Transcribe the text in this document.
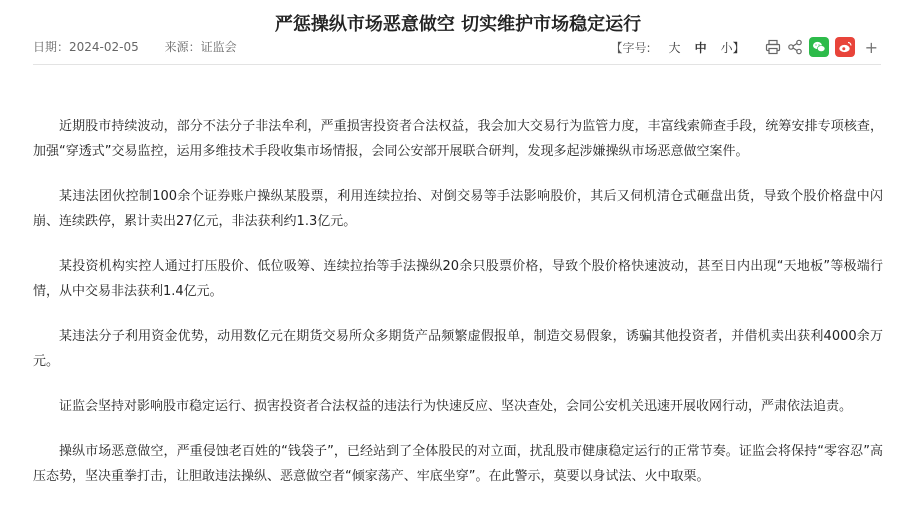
严惩操纵市场恶意做空 切实维护市场稳定运行
日期：2024-02-05 来源：证监会	【字号: 大 中 小】	+

近期股市持续波动，部分不法分子非法牟利，严重损害投资者合法权益，我会加大交易行为监管力度，丰富线索筛查手段，统筹安排专项核查，加强“穿透式”交易监控，运用多维技术手段收集市场情报，会同公安部开展联合研判，发现多起涉嫌操纵市场恶意做空案件。

某违法团伙控制100余个证券账户操纵某股票，利用连续拉抬、对倒交易等手法影响股价，其后又伺机清仓式砸盘出货，导致个股价格盘中闪崩、连续跌停，累计卖出27亿元，非法获利约1.3亿元。

某投资机构实控人通过打压股价、低位吸筹、连续拉抬等手法操纵20余只股票价格，导致个股价格快速波动，甚至日内出现“天地板”等极端行情，从中交易非法获利1.4亿元。

某违法分子利用资金优势，动用数亿元在期货交易所众多期货产品频繁虚假报单，制造交易假象，诱骗其他投资者，并借机卖出获利4000余万元。

证监会坚持对影响股市稳定运行、损害投资者合法权益的违法行为快速反应、坚决查处，会同公安机关迅速开展收网行动，严肃依法追责。

操纵市场恶意做空，严重侵蚀老百姓的“钱袋子”，已经站到了全体股民的对立面，扰乱股市健康稳定运行的正常节奏。证监会将保持“零容忍”高压态势，坚决重拳打击，让胆敢违法操纵、恶意做空者“倾家荡产、牢底坐穿”。在此警示，莫要以身试法、火中取栗。
